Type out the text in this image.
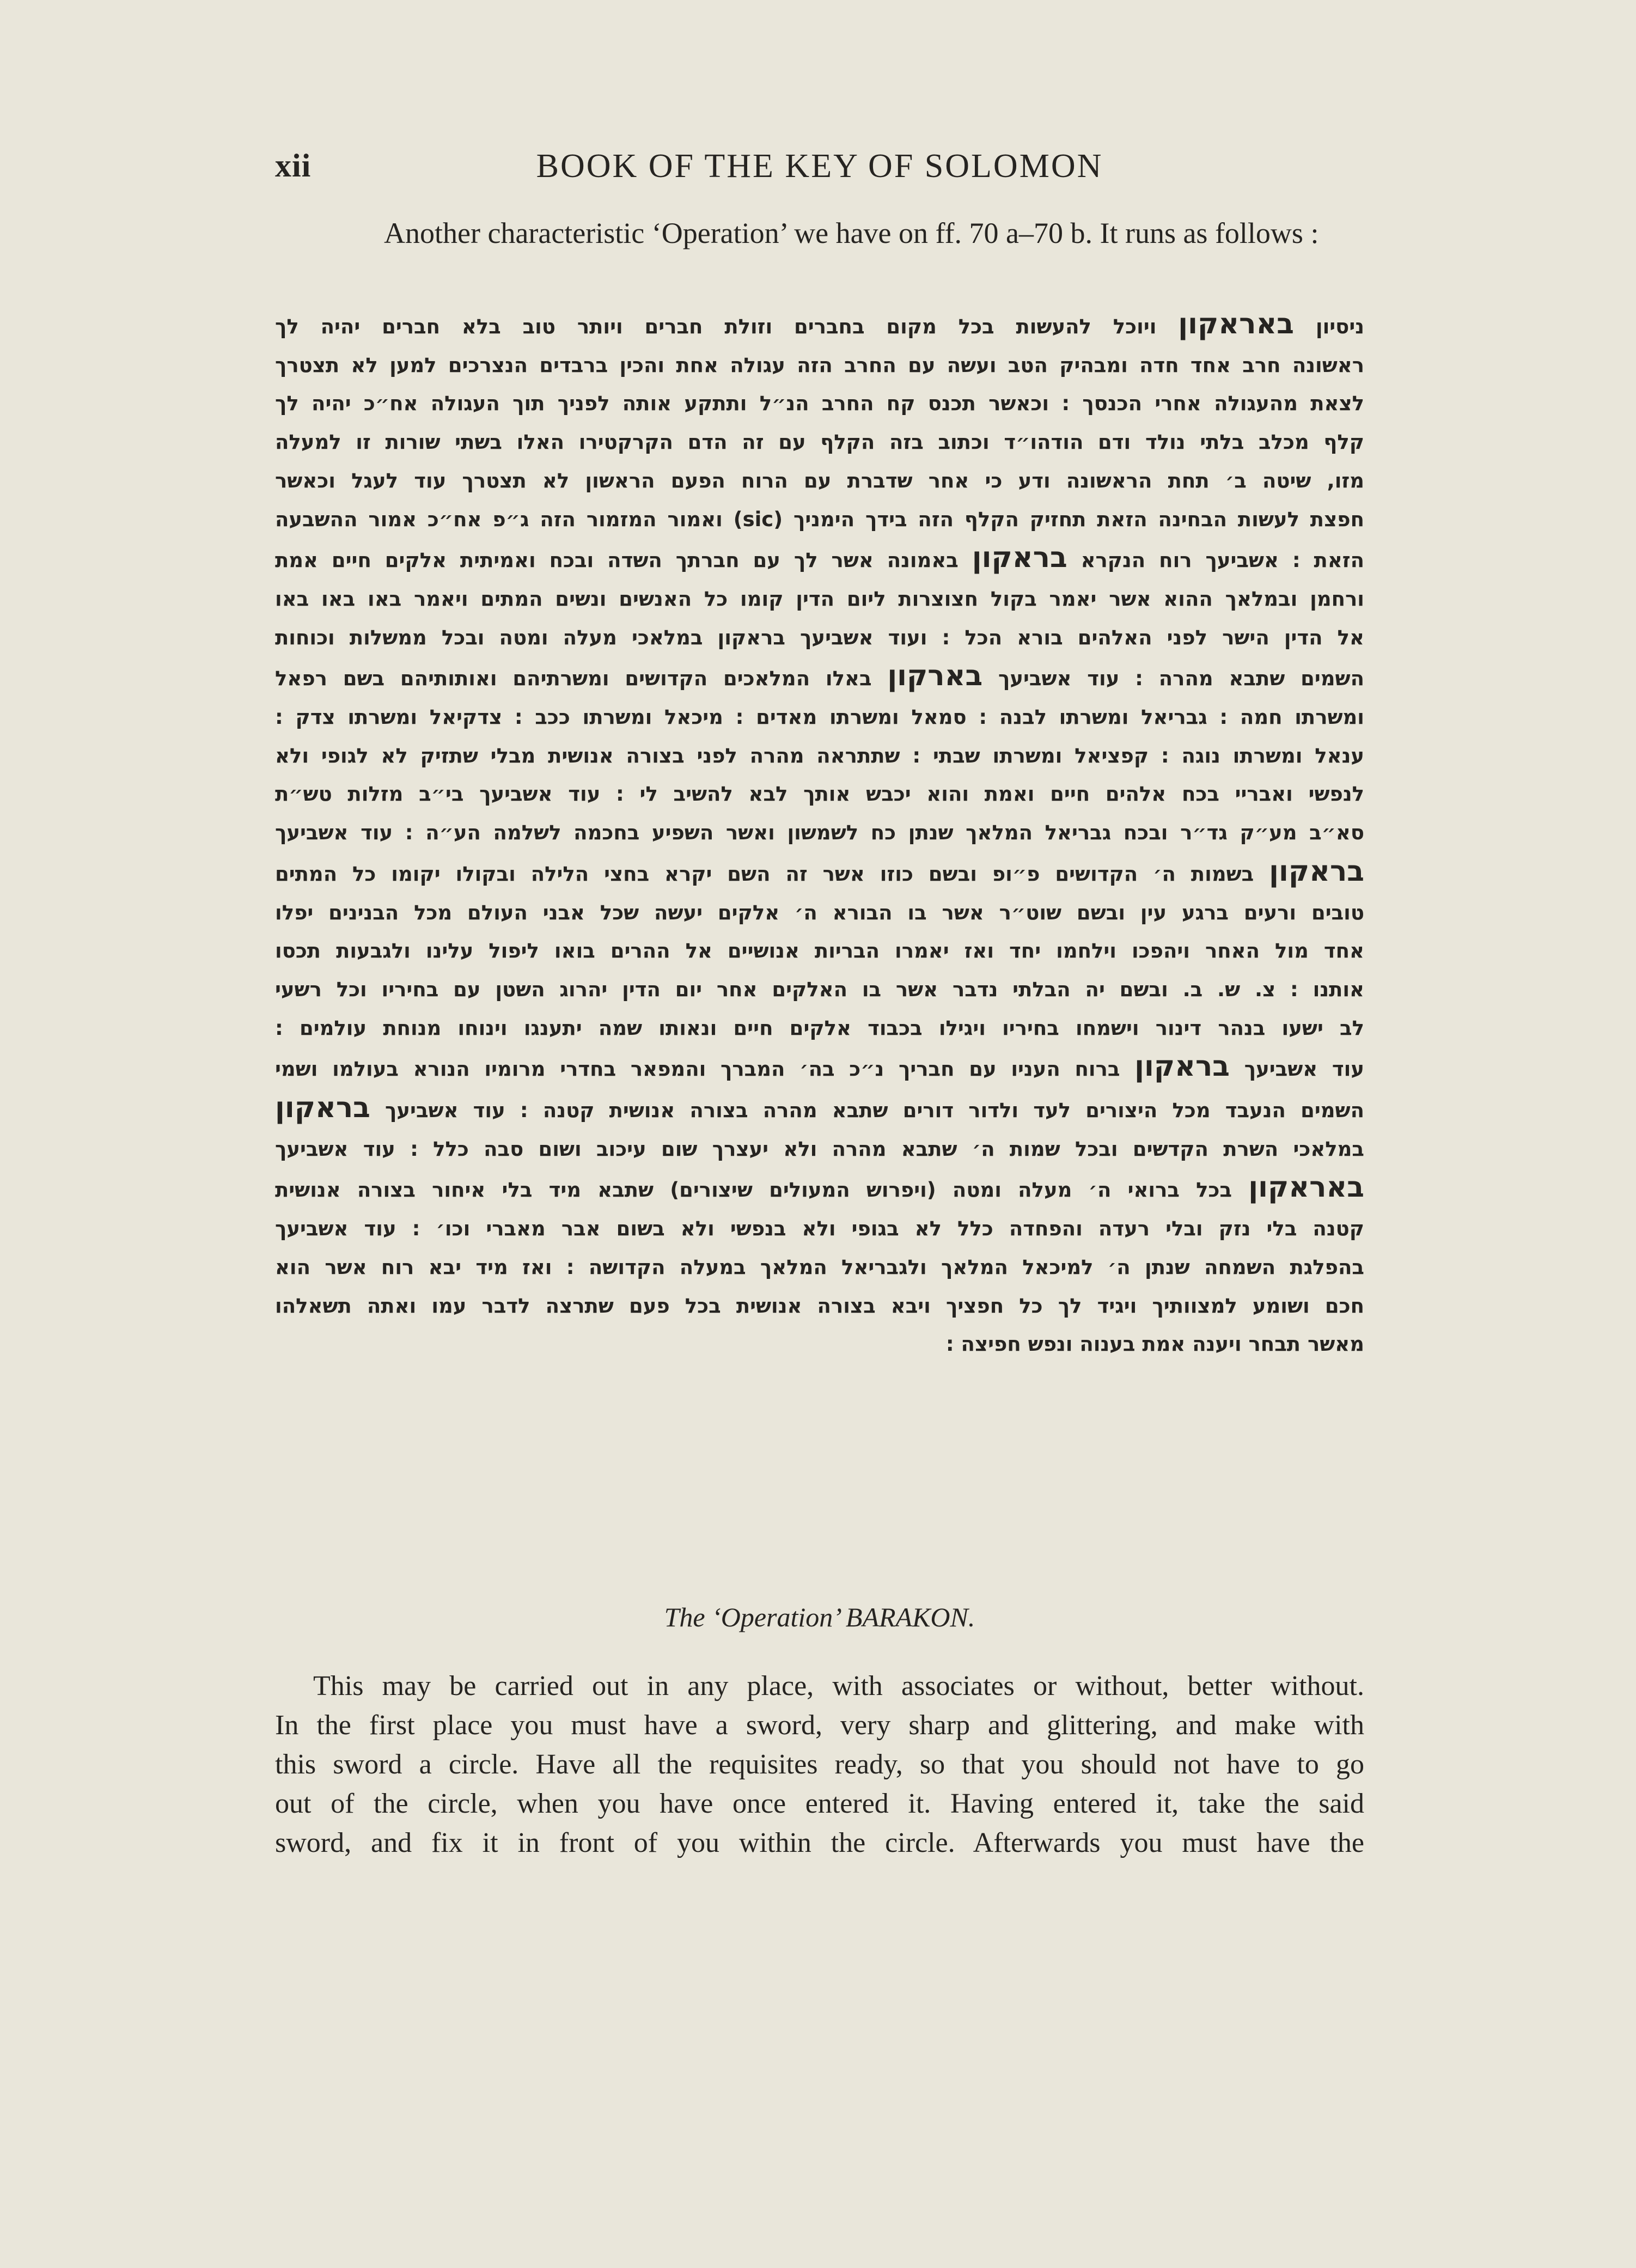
xii	BOOK OF THE KEY OF SOLOMON

Another characteristic ‘Operation’ we have on ff. 70 a–70 b. It runs as follows :

ניסיון באראקון ויוכל להעשות בכל מקום בחברים וזולת חברים ויותר טוב בלא חברים יהיה לך
ראשונה חרב אחד חדה ומבהיק הטב ועשה עם החרב הזה עגולה אחת והכין ברבדים הנצרכים למען לא תצטרך
לצאת מהעגולה אחרי הכנסך : וכאשר תכנס קח החרב הנ״ל ותתקע אותה לפניך תוך העגולה אח״כ יהיה לך
קלף מכלב בלתי נולד ודם הודהו״ד וכתוב בזה הקלף עם זה הדם הקרקטירו האלו בשתי שורות זו למעלה
מזו, שיטה ב׳ תחת הראשונה ודע כי אחר שדברת עם הרוח הפעם הראשון לא תצטרך עוד לעגל וכאשר
חפצת לעשות הבחינה הזאת תחזיק הקלף הזה בידך הימניך (sic) ואמור המזמור הזה ג״פ אח״כ אמור ההשבעה
הזאת : אשביעך רוח הנקרא בראקון באמונה אשר לך עם חברתך השדה ובכח ואמיתית אלקים חיים אמת
ורחמן ובמלאך ההוא אשר יאמר בקול חצוצרות ליום הדין קומו כל האנשים ונשים המתים ויאמר באו באו באו
אל הדין הישר לפני האלהים בורא הכל : ועוד אשביעך בראקון במלאכי מעלה ומטה ובכל ממשלות וכוחות
השמים שתבא מהרה : עוד אשביעך בארקון באלו המלאכים הקדושים ומשרתיהם ואותותיהם בשם רפאל
ומשרתו חמה : גבריאל ומשרתו לבנה : סמאל ומשרתו מאדים : מיכאל ומשרתו ככב : צדקיאל ומשרתו צדק :
ענאל ומשרתו נוגה : קפציאל ומשרתו שבתי : שתתראה מהרה לפני בצורה אנושית מבלי שתזיק לא לגופי ולא
לנפשי ואבריי בכח אלהים חיים ואמת והוא יכבש אותך לבא להשיב לי : עוד אשביעך בי״ב מזלות טש״ת
סא״ב מע״ק גד״ר ובכח גבריאל המלאך שנתן כח לשמשון ואשר השפיע בחכמה לשלמה הע״ה : עוד אשביעך
בראקון בשמות ה׳ הקדושים פ״ופ ובשם כוזו אשר זה השם יקרא בחצי הלילה ובקולו יקומו כל המתים
טובים ורעים ברגע עין ובשם שוט״ר אשר בו הבורא ה׳ אלקים יעשה שכל אבני העולם מכל הבנינים יפלו
אחד מול האחר ויהפכו וילחמו יחד ואז יאמרו הבריות אנושיים אל ההרים בואו ליפול עלינו ולגבעות תכסו
אותנו : צ. ש. ב. ובשם יה הבלתי נדבר אשר בו האלקים אחר יום הדין יהרוג השטן עם בחיריו וכל רשעי
לב ישעו בנהר דינור וישמחו בחיריו ויגילו בכבוד אלקים חיים ונאותו שמה יתענגו וינוחו מנוחת עולמים :
עוד אשביעך בראקון ברוח העניו עם חבריך נ״כ בה׳ המברך והמפאר בחדרי מרומיו הנורא בעולמו ושמי
השמים הנעבד מכל היצורים לעד ולדור דורים שתבא מהרה בצורה אנושית קטנה : עוד אשביעך בראקון
במלאכי השרת הקדשים ובכל שמות ה׳ שתבא מהרה ולא יעצרך שום עיכוב ושום סבה כלל : עוד אשביעך
באראקון בכל ברואי ה׳ מעלה ומטה (ויפרוש המעולים שיצורים) שתבא מיד בלי איחור בצורה אנושית
קטנה בלי נזק ובלי רעדה והפחדה כלל לא בגופי ולא בנפשי ולא בשום אבר מאברי וכו׳ : עוד אשביעך
בהפלגת השמחה שנתן ה׳ למיכאל המלאך ולגבריאל המלאך במעלה הקדושה : ואז מיד יבא רוח אשר הוא
חכם ושומע למצוותיך ויגיד לך כל חפציך ויבא בצורה אנושית בכל פעם שתרצה לדבר עמו ואתה תשאלהו
מאשר תבחר ויענה אמת בענוה ונפש חפיצה :
The ‘Operation’ BARAKON.
This may be carried out in any place, with associates or without, better without.
In the first place you must have a sword, very sharp and glittering, and make with
this sword a circle. Have all the requisites ready, so that you should not have to go
out of the circle, when you have once entered it. Having entered it, take the said
sword, and fix it in front of you within the circle. Afterwards you must have the
